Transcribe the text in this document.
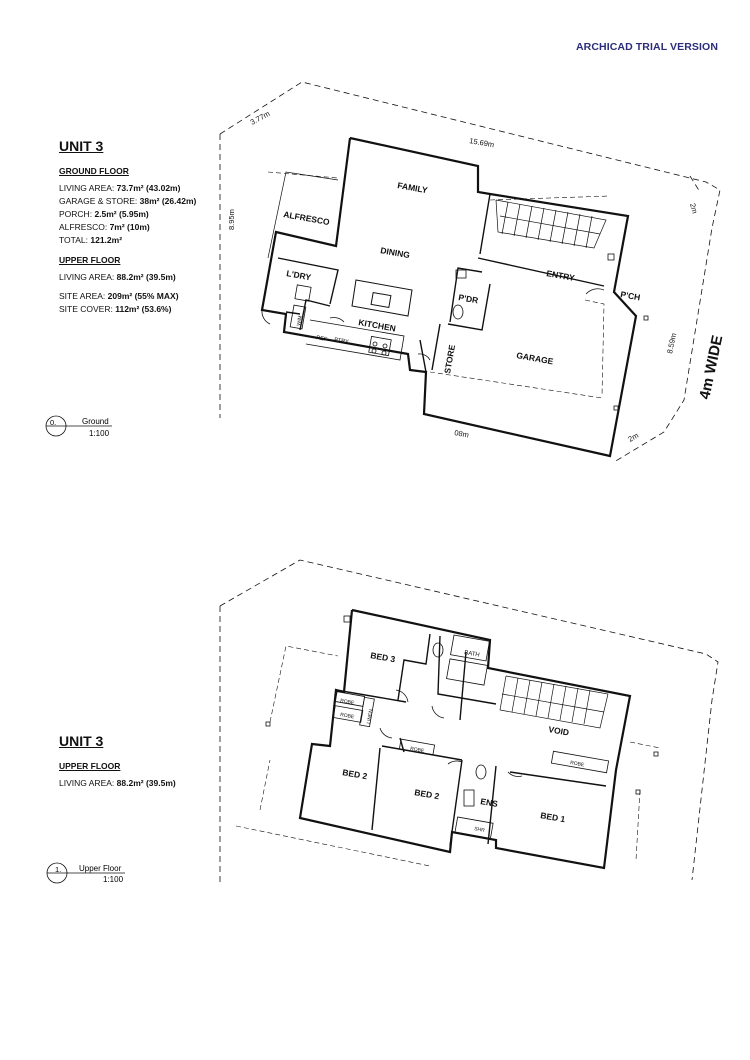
ARCHICAD TRIAL VERSION
UNIT 3
GROUND FLOOR
LIVING AREA: 73.7m² (43.02m)
GARAGE & STORE: 38m² (26.42m)
PORCH: 2.5m² (5.95m)
ALFRESCO: 7m² (10m)
TOTAL: 121.2m²
UPPER FLOOR
LIVING AREA: 88.2m² (39.5m)
SITE AREA: 209m² (55% MAX)
SITE COVER: 112m² (53.6%)
UNIT 3
UPPER FLOOR
LIVING AREA: 88.2m² (39.5m)
0.	Ground
1:100
1. Upper Floor
1:100
FAMILY
ALFRESCO
DINING
L'DRY
KITCHEN
ENTRY
P'DR	P'CH
GARAGE
STORE
REF PTRY
W/M
3.77m
15.69m
8.95m
2m
8.59m
2m
08m
4m WIDE
BED 3	BATH
ROBE
ROBE LINEN
VOID
ROBE
ROBE
BED 2
BED 2
ENS
BED 1
SHR
